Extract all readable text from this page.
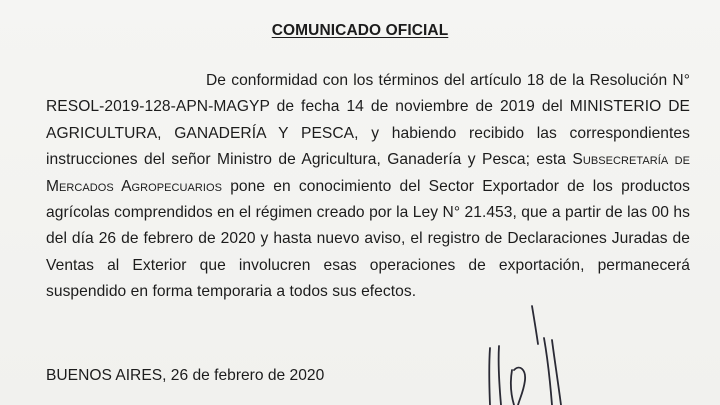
COMUNICADO OFICIAL
De conformidad con los términos del artículo 18 de la Resolución N° RESOL-2019-128-APN-MAGYP de fecha 14 de noviembre de 2019 del MINISTERIO DE AGRICULTURA, GANADERÍA Y PESCA, y habiendo recibido las correspondientes instrucciones del señor Ministro de Agricultura, Ganadería y Pesca; esta Subsecretaría de Mercados Agropecuarios pone en conocimiento del Sector Exportador de los productos agrícolas comprendidos en el régimen creado por la Ley N° 21.453, que a partir de las 00 hs del día 26 de febrero de 2020 y hasta nuevo aviso, el registro de Declaraciones Juradas de Ventas al Exterior que involucren esas operaciones de exportación, permanecerá suspendido en forma temporaria a todos sus efectos.
BUENOS AIRES, 26 de febrero de 2020
